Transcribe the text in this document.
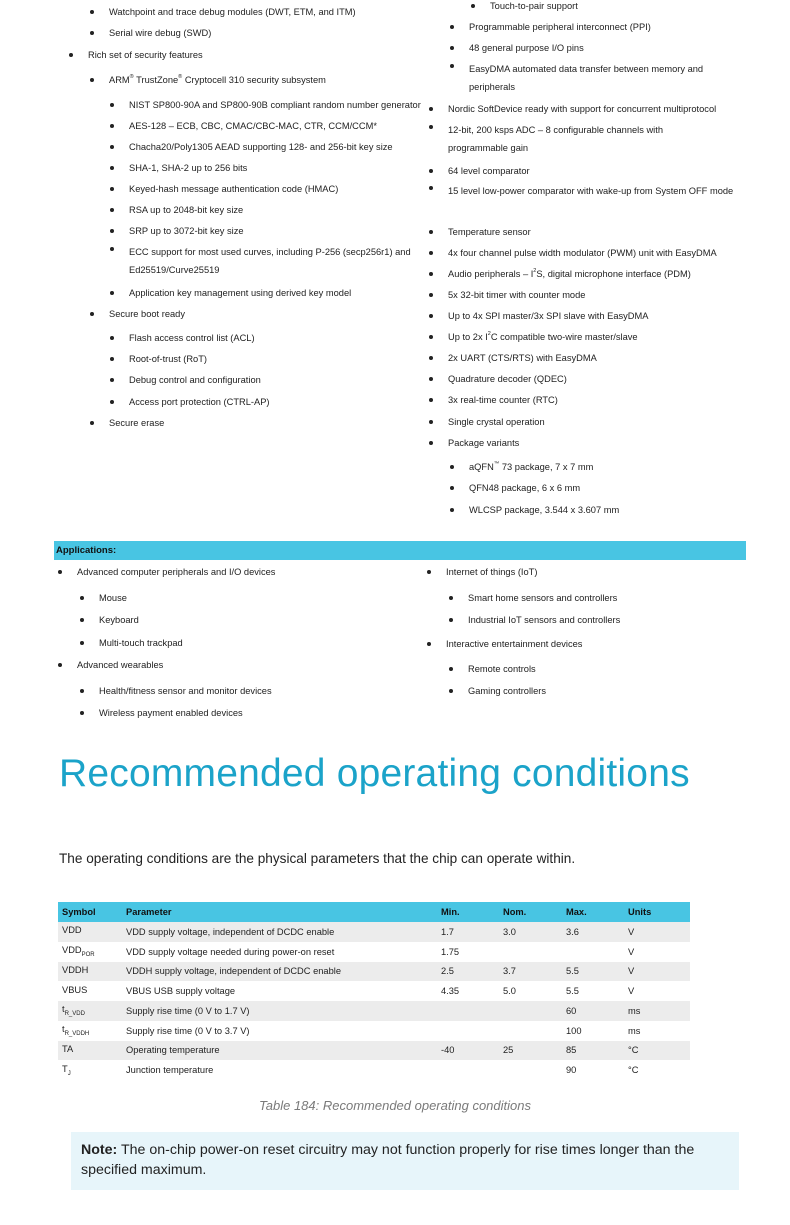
Watchpoint and trace debug modules (DWT, ETM, and ITM)
Serial wire debug (SWD)
Rich set of security features
ARM® TrustZone® Cryptocell 310 security subsystem
NIST SP800-90A and SP800-90B compliant random number generator
AES-128 – ECB, CBC, CMAC/CBC-MAC, CTR, CCM/CCM*
Chacha20/Poly1305 AEAD supporting 128- and 256-bit key size
SHA-1, SHA-2 up to 256 bits
Keyed-hash message authentication code (HMAC)
RSA up to 2048-bit key size
SRP up to 3072-bit key size
ECC support for most used curves, including P-256 (secp256r1) and Ed25519/Curve25519
Application key management using derived key model
Secure boot ready
Flash access control list (ACL)
Root-of-trust (RoT)
Debug control and configuration
Access port protection (CTRL-AP)
Secure erase
Touch-to-pair support
Programmable peripheral interconnect (PPI)
48 general purpose I/O pins
EasyDMA automated data transfer between memory and peripherals
Nordic SoftDevice ready with support for concurrent multiprotocol
12-bit, 200 ksps ADC – 8 configurable channels with programmable gain
64 level comparator
15 level low-power comparator with wake-up from System OFF mode
Temperature sensor
4x four channel pulse width modulator (PWM) unit with EasyDMA
Audio peripherals – $I^2S$, digital microphone interface (PDM)
5x 32-bit timer with counter mode
Up to 4x SPI master/3x SPI slave with EasyDMA
Up to 2x $I^2C$ compatible two-wire master/slave
2x UART (CTS/RTS) with EasyDMA
Quadrature decoder (QDEC)
3x real-time counter (RTC)
Single crystal operation
Package variants
aQFN™ 73 package, 7 x 7 mm
QFN48 package, 6 x 6 mm
WLCSP package, 3.544 x 3.607 mm
Applications:
Advanced computer peripherals and I/O devices
Mouse
Keyboard
Multi-touch trackpad
Advanced wearables
Health/fitness sensor and monitor devices
Wireless payment enabled devices
Internet of things (IoT)
Smart home sensors and controllers
Industrial IoT sensors and controllers
Interactive entertainment devices
Remote controls
Gaming controllers
Recommended operating conditions

The operating conditions are the physical parameters that the chip can operate within.

Symbol	Parameter	Min.	Nom.	Max.	Units
VDD	VDD supply voltage, independent of DCDC enable	1.7	3.0	3.6	V
$VDD_{POR}$	VDD supply voltage needed during power-on reset	1.75			V
VDDH	VDDH supply voltage, independent of DCDC enable	2.5	3.7	5.5	V
VBUS	VBUS USB supply voltage	4.35	5.0	5.5	V
$t_{R\_VDD}$	Supply rise time (0 V to 1.7 V)			60	ms
$t_{R\_VDDH}$	Supply rise time (0 V to 3.7 V)			100	ms
TA	Operating temperature	-40	25	85	°C
$T_J$	Junction temperature			90	°C

Table 184: Recommended operating conditions

Note: The on-chip power-on reset circuitry may not function properly for rise times longer than the specified maximum.
